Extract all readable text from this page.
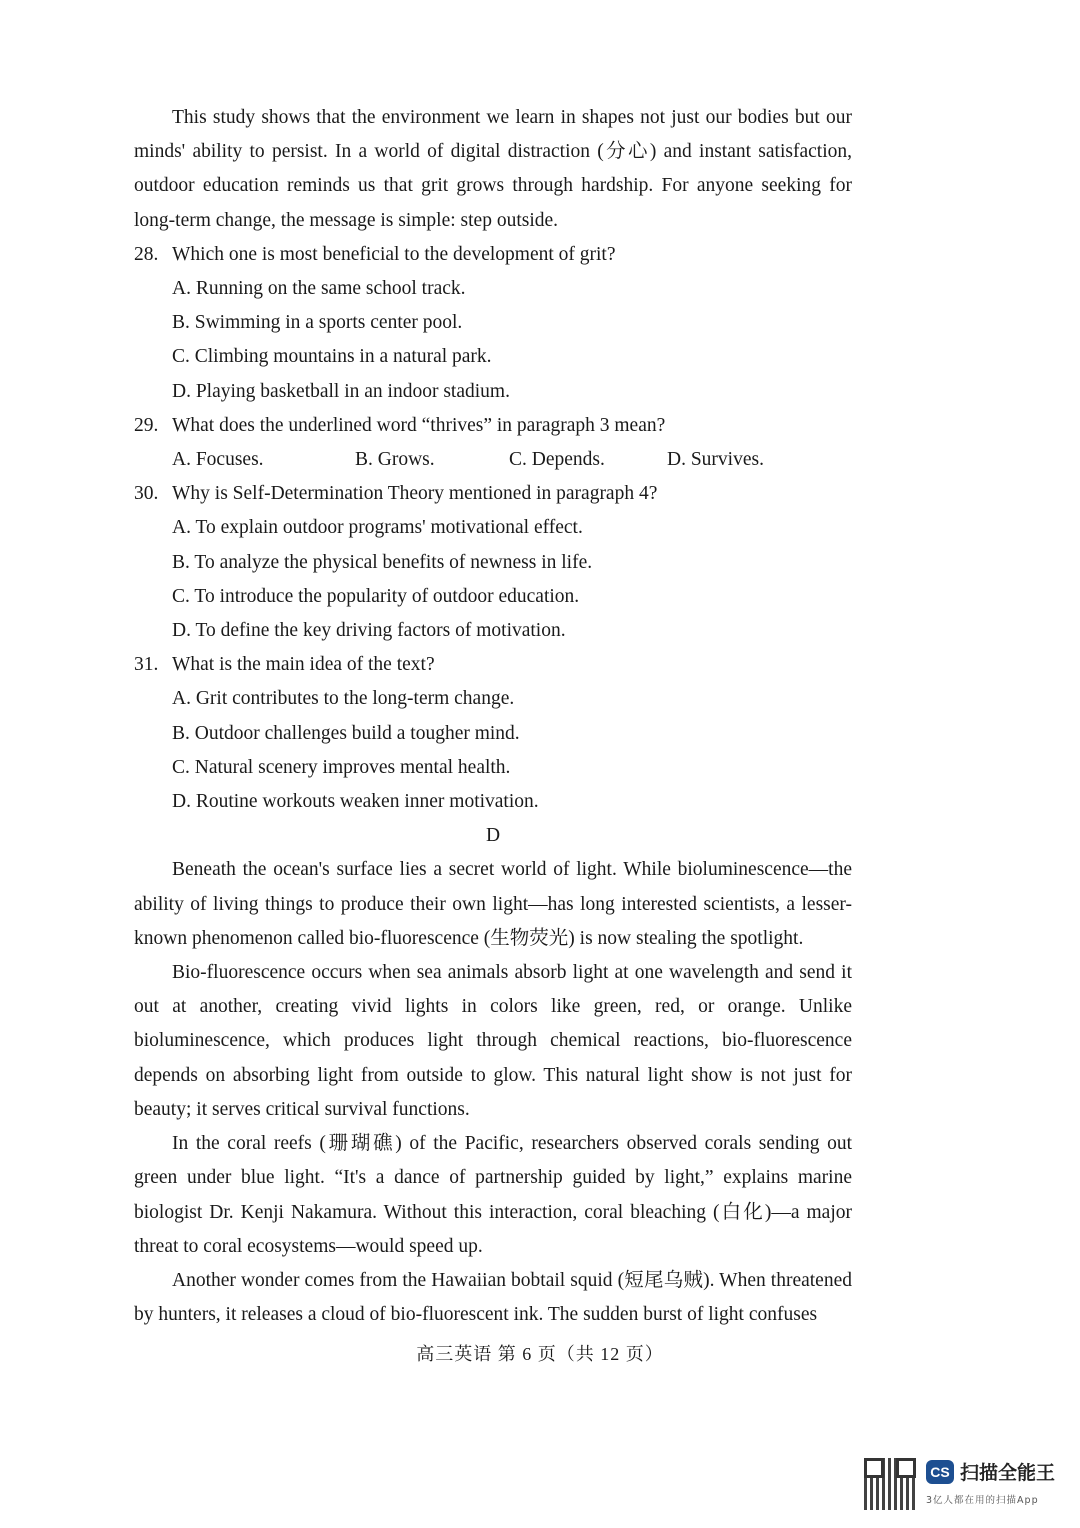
This study shows that the environment we learn in shapes not just our bodies but our minds' ability to persist. In a world of digital distraction (分心) and instant satisfaction, outdoor education reminds us that grit grows through hardship. For anyone seeking for long-term change, the message is simple: step outside.

28. Which one is most beneficial to the development of grit?

A. Running on the same school track.

B. Swimming in a sports center pool.

C. Climbing mountains in a natural park.

D. Playing basketball in an indoor stadium.

29. What does the underlined word “thrives” in paragraph 3 mean?
A. Focuses.	B. Grows.	C. Depends.	D. Survives.
30. Why is Self-Determination Theory mentioned in paragraph 4?

A. To explain outdoor programs' motivational effect.

B. To analyze the physical benefits of newness in life.

C. To introduce the popularity of outdoor education.

D. To define the key driving factors of motivation.

31. What is the main idea of the text?

A. Grit contributes to the long-term change.

B. Outdoor challenges build a tougher mind.

C. Natural scenery improves mental health.

D. Routine workouts weaken inner motivation.

D

Beneath the ocean's surface lies a secret world of light. While bioluminescence—the ability of living things to produce their own light—has long interested scientists, a lesser-known phenomenon called bio-fluorescence (生物荧光) is now stealing the spotlight.

Bio-fluorescence occurs when sea animals absorb light at one wavelength and send it out at another, creating vivid lights in colors like green, red, or orange. Unlike bioluminescence, which produces light through chemical reactions, bio-fluorescence depends on absorbing light from outside to glow. This natural light show is not just for beauty; it serves critical survival functions.

In the coral reefs (珊瑚礁) of the Pacific, researchers observed corals sending out green under blue light. “It's a dance of partnership guided by light,” explains marine biologist Dr. Kenji Nakamura. Without this interaction, coral bleaching (白化)—a major threat to coral ecosystems—would speed up.

Another wonder comes from the Hawaiian bobtail squid (短尾乌贼). When threatened by hunters, it releases a cloud of bio-fluorescent ink. The sudden burst of light confuses

高三英语 第 6 页（共 12 页）
CS 扫描全能王
3亿人都在用的扫描App
